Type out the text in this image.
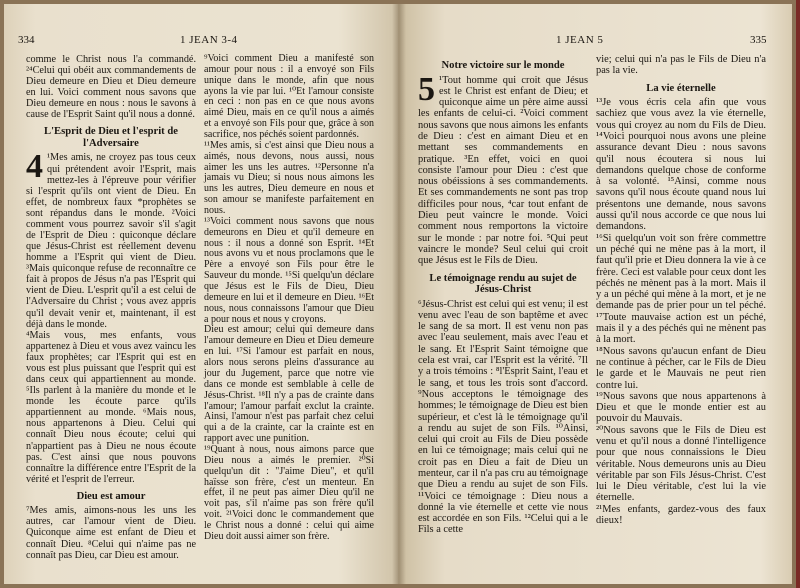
334	1 JEAN 3-4

comme le Christ nous l'a commandé. ²⁴Celui qui obéit aux commandements de Dieu demeure en Dieu et Dieu demeure en lui. Voici comment nous savons que Dieu demeure en nous : nous le savons à cause de l'Esprit Saint qu'il nous a donné.

L'Esprit de Dieu et l'esprit de l'Adversaire

4 ¹Mes amis, ne croyez pas tous ceux qui prétendent avoir l'Esprit, mais mettez-les à l'épreuve pour vérifier si l'esprit qu'ils ont vient de Dieu. En effet, de nombreux faux *prophètes se sont répandus dans le monde. ²Voici comment vous pourrez savoir s'il s'agit de l'Esprit de Dieu : quiconque déclare que Jésus-Christ est réellement devenu homme a l'Esprit qui vient de Dieu. ³Mais quiconque refuse de reconnaître ce fait à propos de Jésus n'a pas l'Esprit qui vient de Dieu. L'esprit qu'il a est celui de l'Adversaire du Christ ; vous avez appris qu'il devait venir et, maintenant, il est déjà dans le monde.

⁴Mais vous, mes enfants, vous appartenez à Dieu et vous avez vaincu les faux prophètes; car l'Esprit qui est en vous est plus puissant que l'esprit qui est dans ceux qui appartiennent au monde. ⁵Ils parlent à la manière du monde et le monde les écoute parce qu'ils appartiennent au monde. ⁶Mais nous, nous appartenons à Dieu. Celui qui connaît Dieu nous écoute; celui qui n'appartient pas à Dieu ne nous écoute pas. C'est ainsi que nous pouvons connaître la différence entre l'Esprit de la vérité et l'esprit de l'erreur.

Dieu est amour

⁷Mes amis, aimons-nous les uns les autres, car l'amour vient de Dieu. Quiconque aime est enfant de Dieu et connaît Dieu. ⁸Celui qui n'aime pas ne connaît pas Dieu, car Dieu est amour.

⁹Voici comment Dieu a manifesté son amour pour nous : il a envoyé son Fils unique dans le monde, afin que nous ayons la vie par lui. ¹⁰Et l'amour consiste en ceci : non pas en ce que nous avons aimé Dieu, mais en ce qu'il nous a aimés et a envoyé son Fils pour que, grâce à son sacrifice, nos péchés soient pardonnés.

¹¹Mes amis, si c'est ainsi que Dieu nous a aimés, nous devons, nous aussi, nous aimer les uns les autres. ¹²Personne n'a jamais vu Dieu; si nous nous aimons les uns les autres, Dieu demeure en nous et son amour se manifeste parfaitement en nous.

¹³Voici comment nous savons que nous demeurons en Dieu et qu'il demeure en nous : il nous a donné son Esprit. ¹⁴Et nous avons vu et nous proclamons que le Père a envoyé son Fils pour être le Sauveur du monde. ¹⁵Si quelqu'un déclare que Jésus est le Fils de Dieu, Dieu demeure en lui et il demeure en Dieu. ¹⁶Et nous, nous connaissons l'amour que Dieu a pour nous et nous y croyons.

Dieu est amour; celui qui demeure dans l'amour demeure en Dieu et Dieu demeure en lui. ¹⁷Si l'amour est parfait en nous, alors nous serons pleins d'assurance au jour du Jugement, parce que notre vie dans ce monde est semblable à celle de Jésus-Christ. ¹⁸Il n'y a pas de crainte dans l'amour; l'amour parfait exclut la crainte. Ainsi, l'amour n'est pas parfait chez celui qui a de la crainte, car la crainte est en rapport avec une punition.

¹⁹Quant à nous, nous aimons parce que Dieu nous a aimés le premier. ²⁰Si quelqu'un dit : "J'aime Dieu", et qu'il haïsse son frère, c'est un menteur. En effet, il ne peut pas aimer Dieu qu'il ne voit pas, s'il n'aime pas son frère qu'il voit. ²¹Voici donc le commandement que le Christ nous a donné : celui qui aime Dieu doit aussi aimer son frère.

1 JEAN 5	335
Notre victoire sur le monde

5 ¹Tout homme qui croit que Jésus est le Christ est enfant de Dieu; et quiconque aime un père aime aussi les enfants de celui-ci. ²Voici comment nous savons que nous aimons les enfants de Dieu : c'est en aimant Dieu et en mettant ses commandements en pratique. ³En effet, voici en quoi consiste l'amour pour Dieu : c'est que nous obéissions à ses commandements. Et ses commandements ne sont pas trop difficiles pour nous, ⁴car tout enfant de Dieu peut vaincre le monde. Voici comment nous remportons la victoire sur le monde : par notre foi. ⁵Qui peut vaincre le monde? Seul celui qui croit que Jésus est le Fils de Dieu.

Le témoignage rendu au sujet de Jésus-Christ

⁶Jésus-Christ est celui qui est venu; il est venu avec l'eau de son baptême et avec le sang de sa mort. Il est venu non pas avec l'eau seulement, mais avec l'eau et le sang. Et l'Esprit Saint témoigne que cela est vrai, car l'Esprit est la vérité. ⁷Il y a trois témoins : ⁸l'Esprit Saint, l'eau et le sang, et tous les trois sont d'accord. ⁹Nous acceptons le témoignage des hommes; le témoignage de Dieu est bien supérieur, et c'est là le témoignage qu'il a rendu au sujet de son Fils. ¹⁰Ainsi, celui qui croit au Fils de Dieu possède en lui ce témoignage; mais celui qui ne croit pas en Dieu a fait de Dieu un menteur, car il n'a pas cru au témoignage que Dieu a rendu au sujet de son Fils. ¹¹Voici ce témoignage : Dieu nous a donné la vie éternelle et cette vie nous est accordée en son Fils. ¹²Celui qui a le Fils a cette

vie; celui qui n'a pas le Fils de Dieu n'a pas la vie.

La vie éternelle

¹³Je vous écris cela afin que vous sachiez que vous avez la vie éternelle, vous qui croyez au nom du Fils de Dieu. ¹⁴Voici pourquoi nous avons une pleine assurance devant Dieu : nous savons qu'il nous écoutera si nous lui demandons quelque chose de conforme à sa volonté. ¹⁵Ainsi, comme nous savons qu'il nous écoute quand nous lui présentons une demande, nous savons aussi qu'il nous accorde ce que nous lui demandons.

¹⁶Si quelqu'un voit son frère commettre un péché qui ne mène pas à la mort, il faut qu'il prie et Dieu donnera la vie à ce frère. Ceci est valable pour ceux dont les péchés ne mènent pas à la mort. Mais il y a un péché qui mène à la mort, et je ne demande pas de prier pour un tel péché. ¹⁷Toute mauvaise action est un péché, mais il y a des péchés qui ne mènent pas à la mort.

¹⁸Nous savons qu'aucun enfant de Dieu ne continue à pécher, car le Fils de Dieu le garde et le Mauvais ne peut rien contre lui.

¹⁹Nous savons que nous appartenons à Dieu et que le monde entier est au pouvoir du Mauvais.

²⁰Nous savons que le Fils de Dieu est venu et qu'il nous a donné l'intelligence pour que nous connaissions le Dieu véritable. Nous demeurons unis au Dieu véritable par son Fils Jésus-Christ. C'est lui le Dieu véritable, c'est lui la vie éternelle.

²¹Mes enfants, gardez-vous des faux dieux!
